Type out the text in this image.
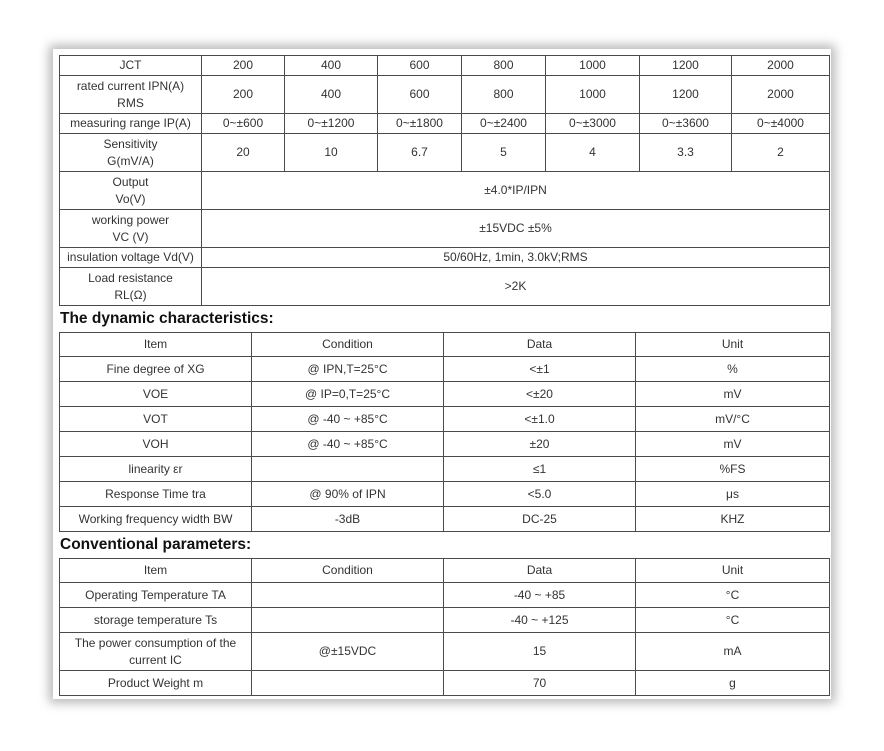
JCT	200	400	600	800	1000	1200	2000

rated current IPN(A)
RMS	200	400	600	800	1000	1200	2000
measuring range IP(A)	0~±600	0~±1200	0~±1800	0~±2400	0~±3000	0~±3600	0~±4000

Sensitivity
G(mV/A)	20	10	6.7	5	4	3.3	2

Output
Vo(V)	±4.0*IP/IPN						

working power
VC (V)	±15VDC ±5%						
insulation voltage Vd(V)	50/60Hz, 1min, 3.0kV;RMS						

Load resistance
RL(Ω)	>2K						
The dynamic characteristics:
Item	Condition	Data	Unit
Fine degree of XG	@ IPN,T=25°C	<±1	%
VOE	@ IP=0,T=25°C	<±20	mV
VOT	@ -40 ~ +85°C	<±1.0	mV/°C
VOH	@ -40 ~ +85°C	±20	mV
linearity εr		≤1	%FS
Response Time tra	@ 90% of IPN	<5.0	μs
Working frequency width BW	-3dB	DC-25	KHZ
Conventional parameters:
Item	Condition	Data	Unit
Operating Temperature TA		-40 ~ +85	°C
storage temperature Ts		-40 ~ +125	°C

The power consumption of the
current IC	@±15VDC	15	mA
Product Weight m		70	g
